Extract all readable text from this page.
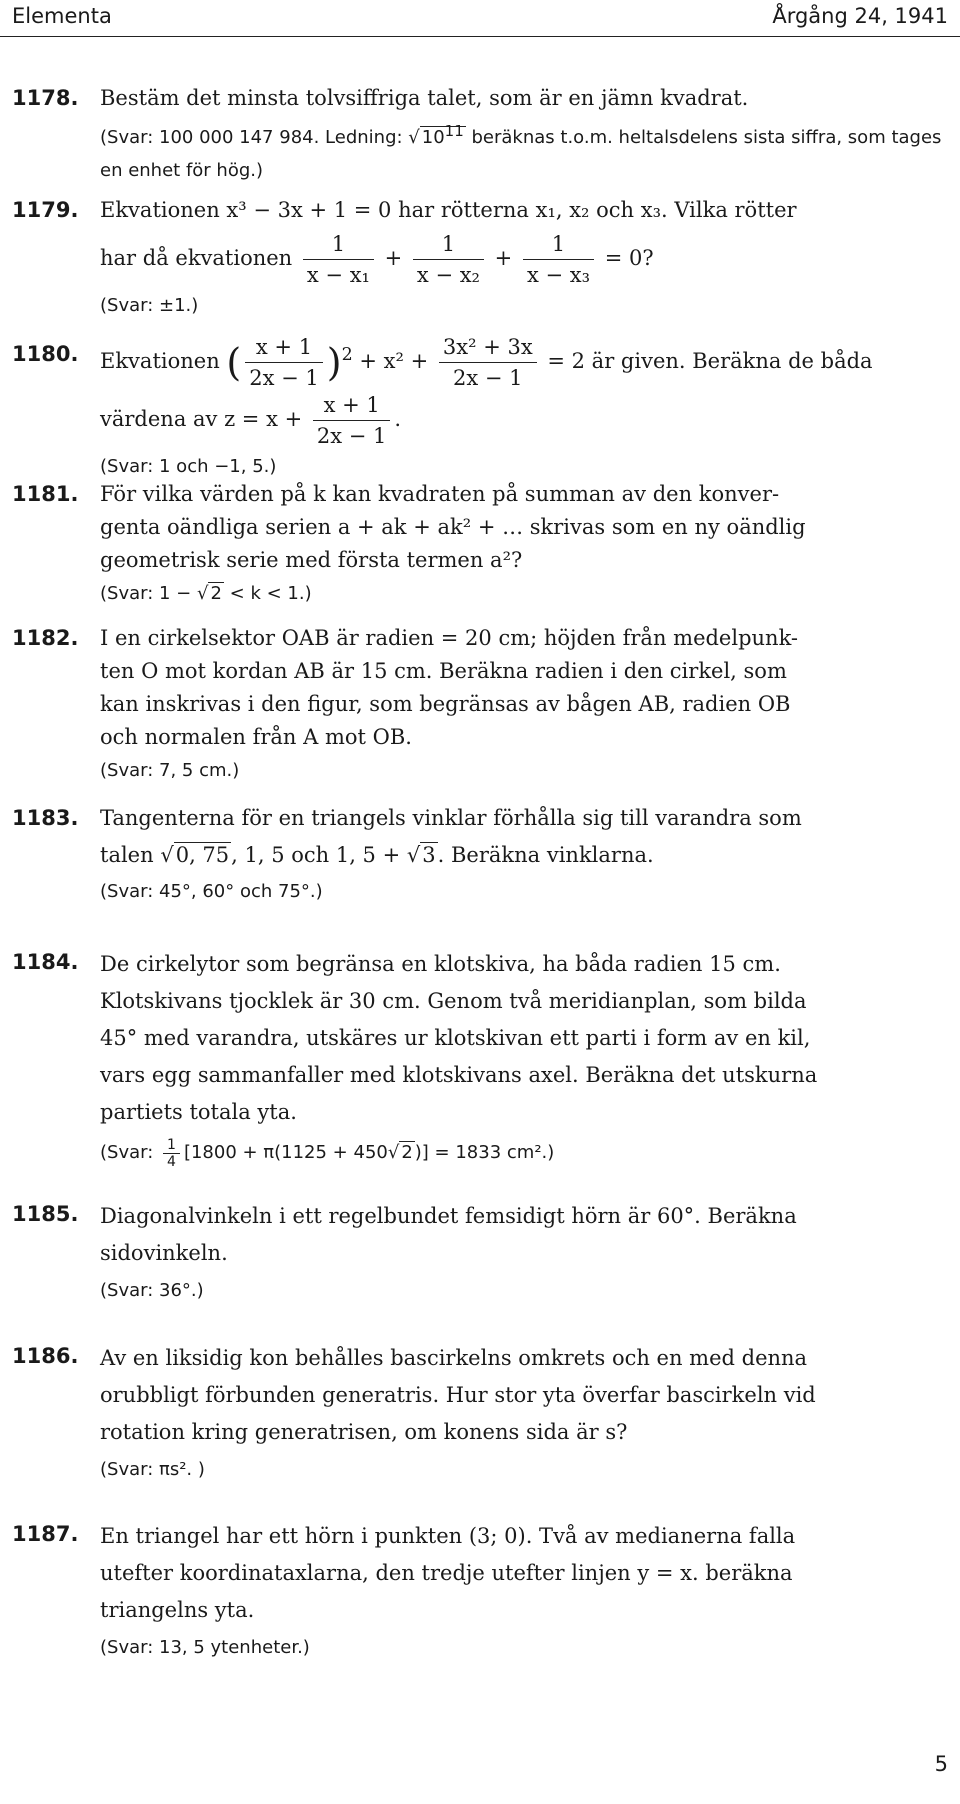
Elementa	Årgång 24, 1941
1178. Bestäm det minsta tolvsiffriga talet, som är en jämn kvadrat.
(Svar: 100 000 147 984. Ledning: √ $10^{11}$ beräknas t.o.m. heltalsdelens sista siffra, som tages en enhet för hög.)
1179. Ekvationen x³ − 3x + 1 = 0 har rötterna x₁, x₂ och x₃. Vilka rötter
har då ekvationen $\frac{1}{\text{x − x₁}} + \frac{1}{\text{x − x₂}} + \frac{1}{\text{x − x₃}} = 0$?
(Svar: ±1.)
1180. Ekvationen ( $\frac{x + 1}{2x - 1} )^2 + x^2 + \frac{\text{3x² + 3x}}{2x - 1} = 2$ är given. Beräkna de båda
värdena av $z = x + \frac{x + 1}{2x - 1}$ .
(Svar: 1 och −1, 5.)
1181. För vilka värden på k kan kvadraten på summan av den konver-
genta oändliga serien a + ak + ak² + … skrivas som en ny oändlig
geometrisk serie med första termen a²?
(Svar: 1 − √ 2 < k < 1.)
1182. I en cirkelsektor OAB är radien = 20 cm; höjden från medelpunk-
ten O mot kordan AB är 15 cm. Beräkna radien i den cirkel, som
kan inskrivas i den figur, som begränsas av bågen AB, radien OB
och normalen från A mot OB.
(Svar: 7, 5 cm.)
1183. Tangenterna för en triangels vinklar förhålla sig till varandra som
talen √0, 75, 1, 5 och 1, 5 + √3. Beräkna vinklarna.
(Svar: 45°, 60° och 75°.)
1184. De cirkelytor som begränsa en klotskiva, ha båda radien 15 cm.
Klotskivans tjocklek är 30 cm. Genom två meridianplan, som bilda
45° med varandra, utskäres ur klotskivan ett parti i form av en kil,
vars egg sammanfaller med klotskivans axel. Beräkna det utskurna
partiets totala yta.
(Svar: $\frac{1}{4} [1800 + \pi(1125 + 450√$ 2 )] = 1833 cm².)
1185. Diagonalvinkeln i ett regelbundet femsidigt hörn är 60°. Beräkna
sidovinkeln.
(Svar: 36°.)
1186. Av en liksidig kon behålles bascirkelns omkrets och en med denna
orubbligt förbunden generatris. Hur stor yta överfar bascirkeln vid
rotation kring generatrisen, om konens sida är s?
(Svar: πs². )
1187. En triangel har ett hörn i punkten (3; 0). Två av medianerna falla
utefter koordinataxlarna, den tredje utefter linjen y = x. beräkna
triangelns yta.
(Svar: 13, 5 ytenheter.)
5
